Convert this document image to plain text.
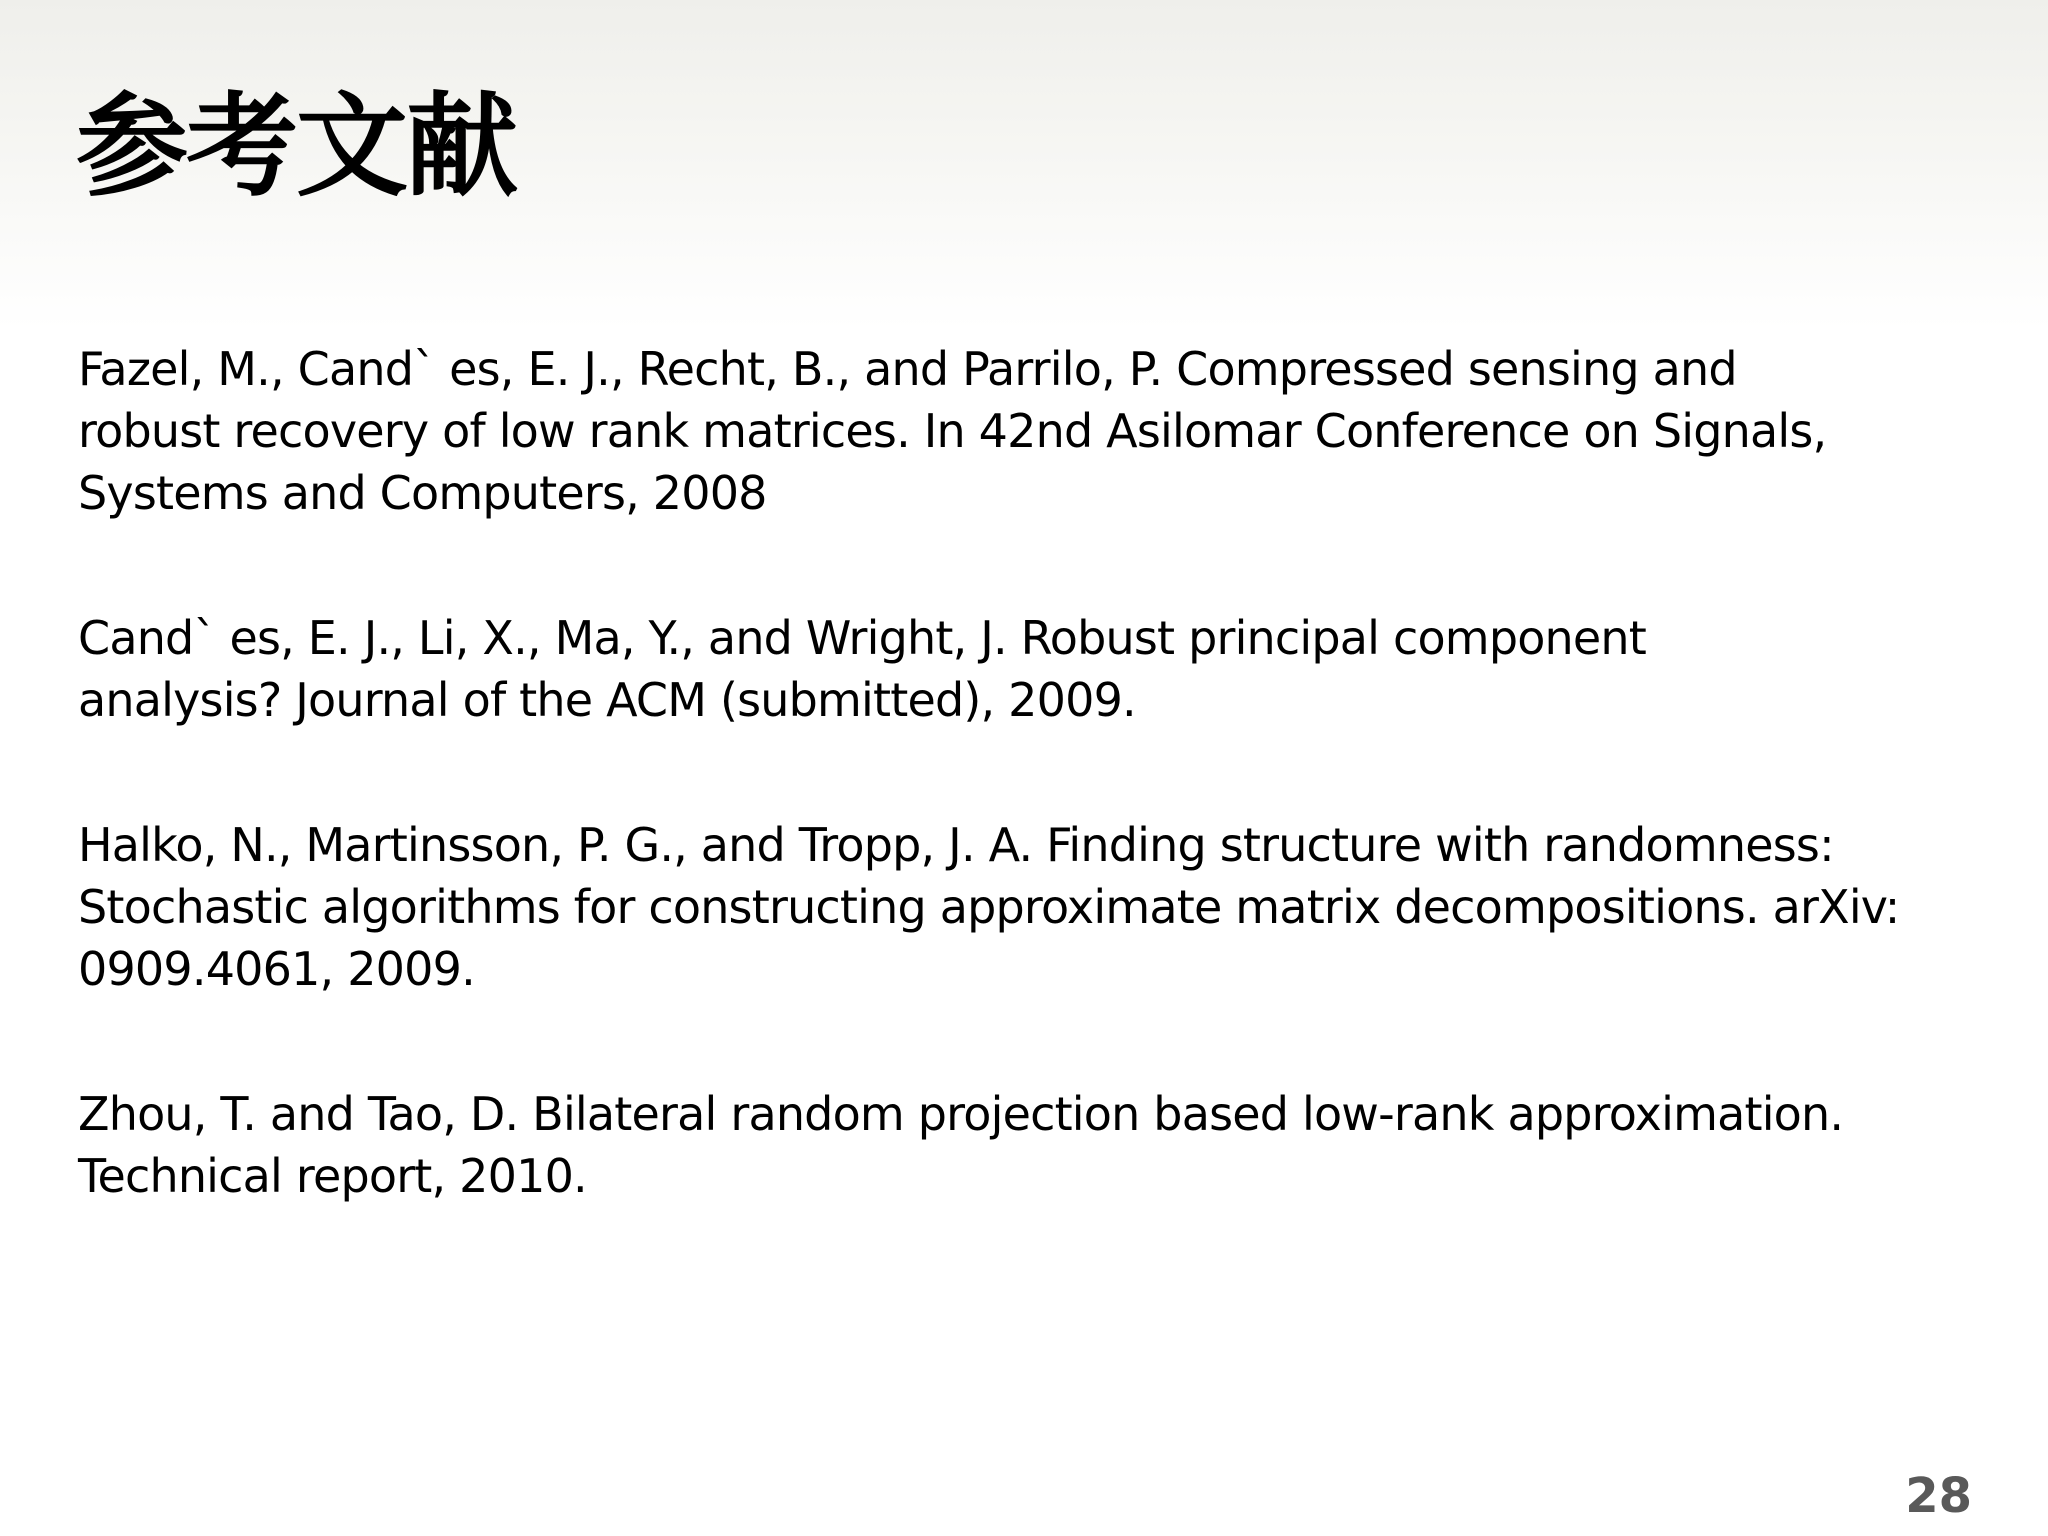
参考文献
Fazel, M., Cand` es, E. J., Recht, B., and Parrilo, P. Compressed sensing and
robust recovery of low rank matrices. In 42nd Asilomar Conference on Signals,
Systems and Computers, 2008
Cand` es, E. J., Li, X., Ma, Y., and Wright, J. Robust principal component
analysis? Journal of the ACM (submitted), 2009.
Halko, N., Martinsson, P. G., and Tropp, J. A. Finding structure with randomness:
Stochastic algorithms for constructing approximate matrix decompositions. arXiv:
0909.4061, 2009.
Zhou, T. and Tao, D. Bilateral random projection based low-rank approximation.
Technical report, 2010.
28
